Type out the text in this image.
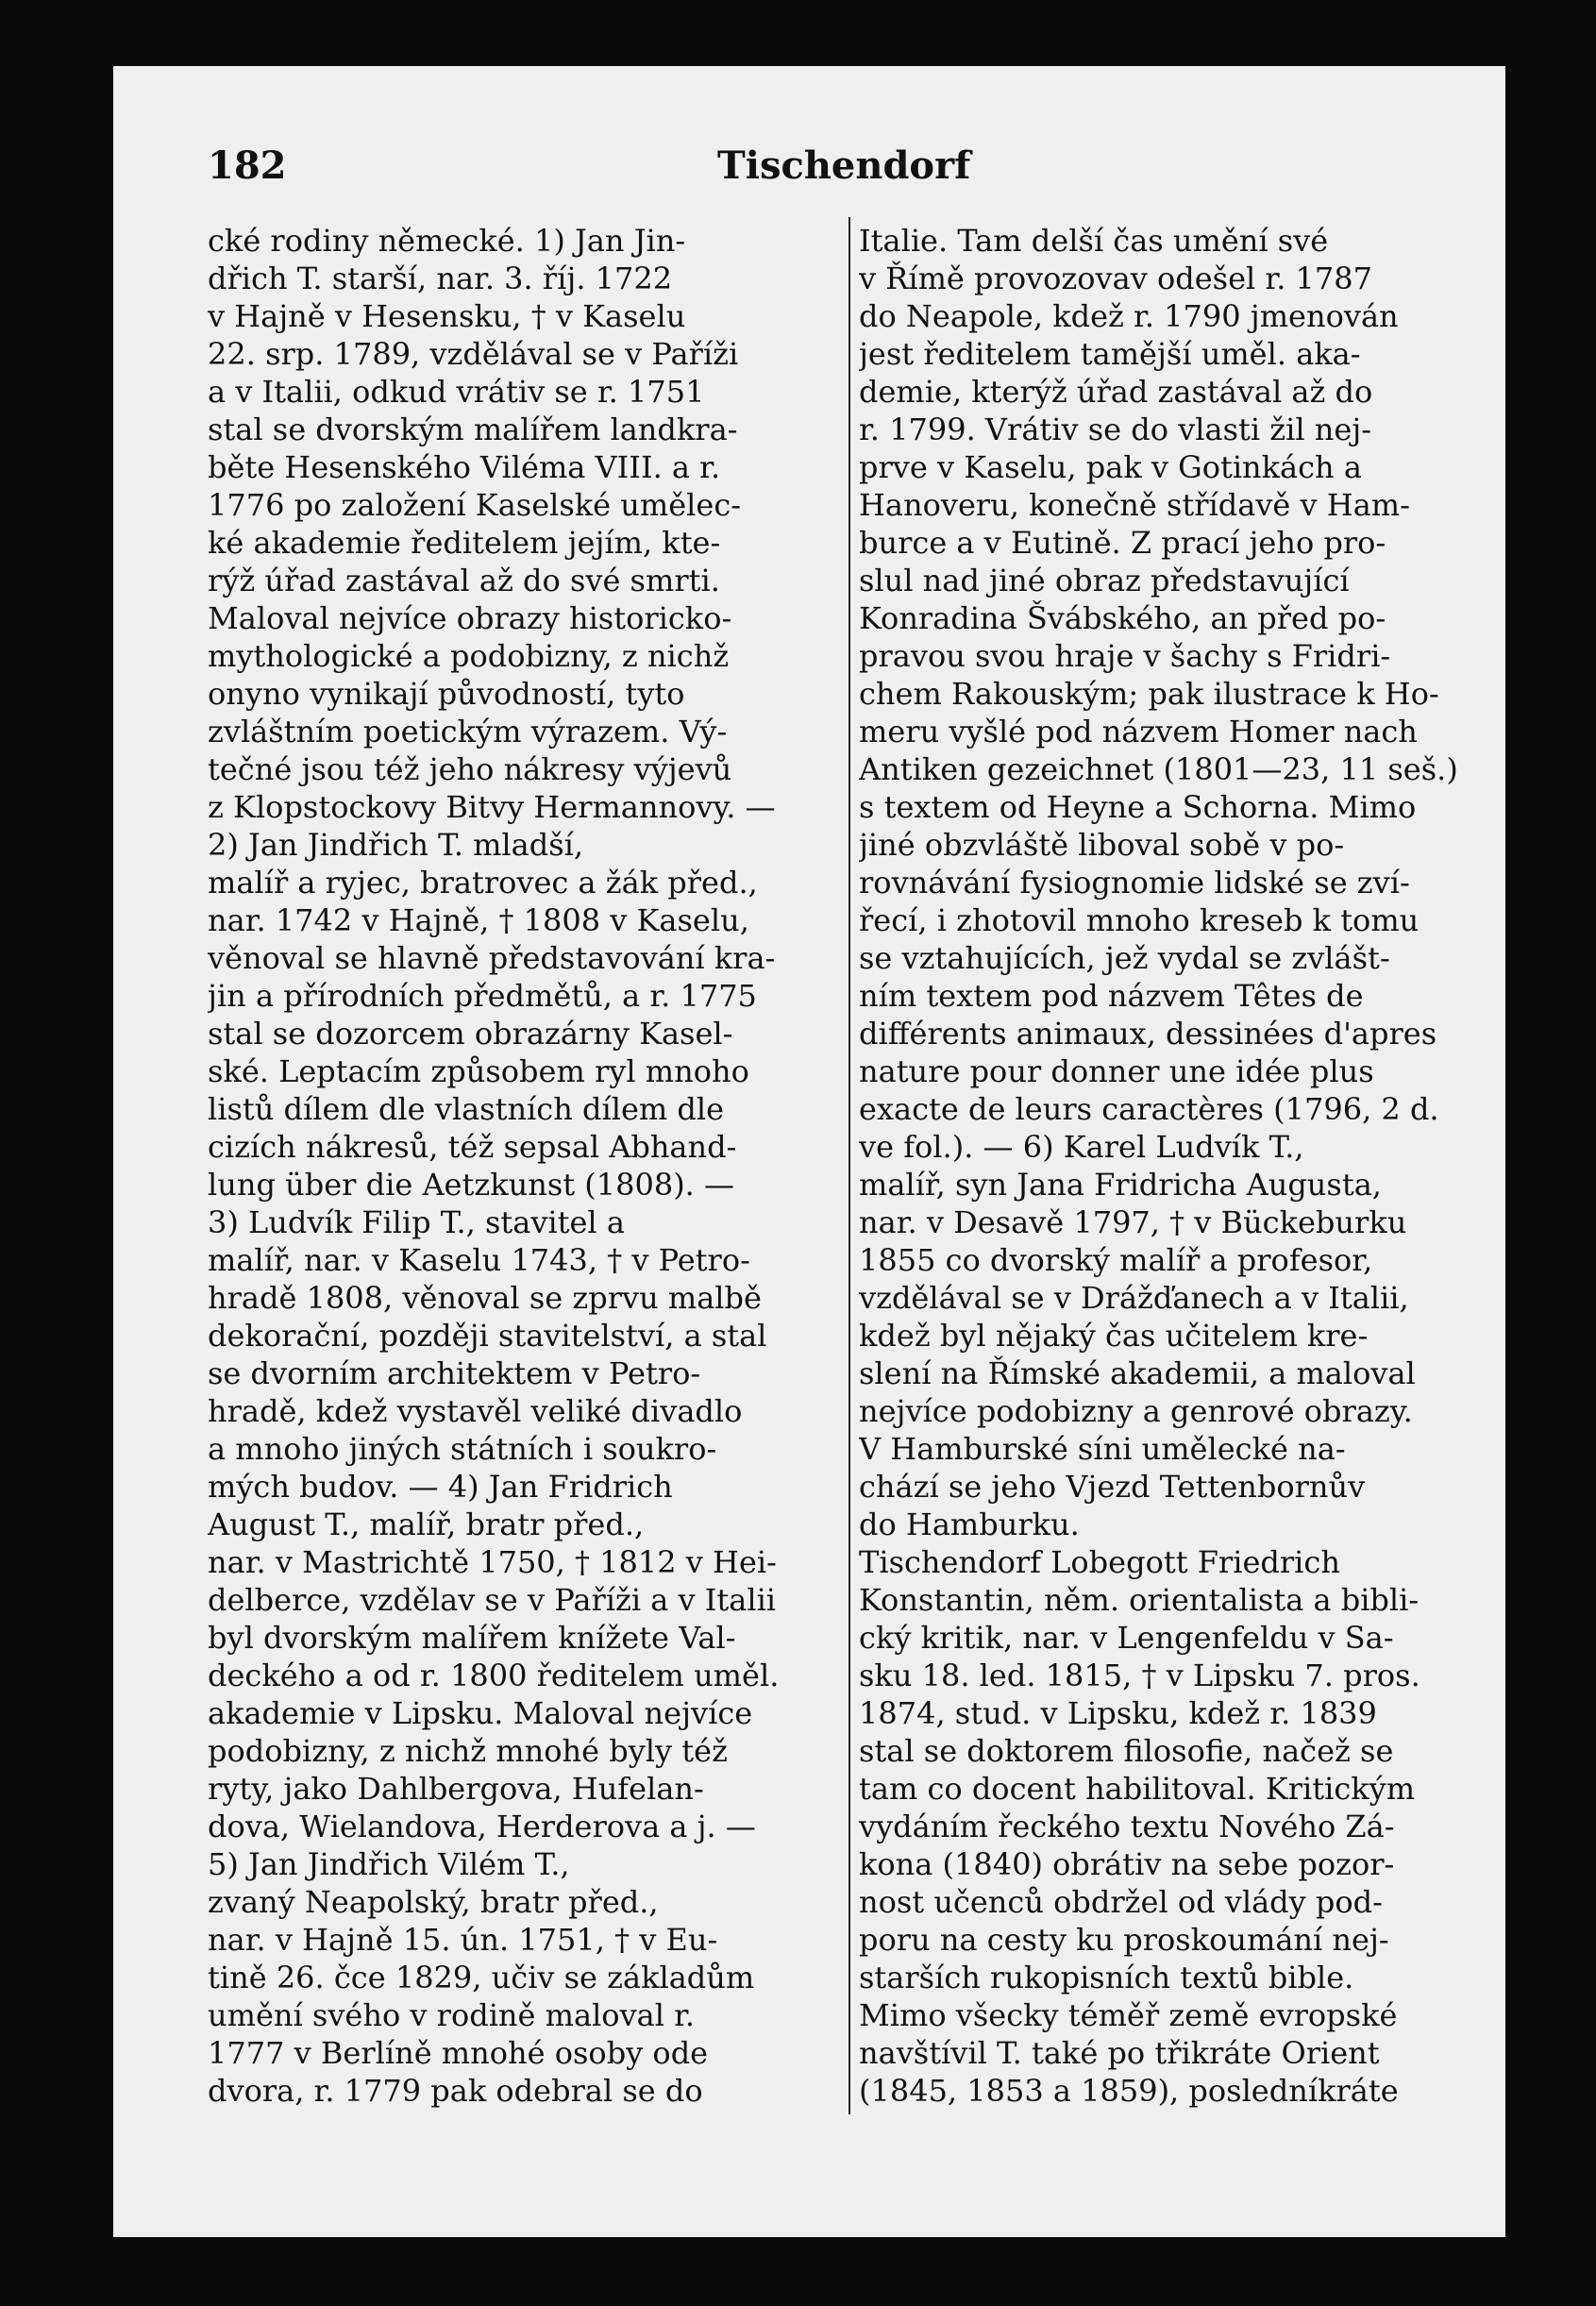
182	Tischendorf
cké rodiny německé. 1) Jan Jin-
dřich T. starší, nar. 3. říj. 1722
v Hajně v Hesensku, † v Kaselu
22. srp. 1789, vzdělával se v Paříži
a v Italii, odkud vrátiv se r. 1751
stal se dvorským malířem landkra-
běte Hesenského Viléma VIII. a r.
1776 po založení Kaselské umělec-
ké akademie ředitelem jejím, kte-
rýž úřad zastával až do své smrti.
Maloval nejvíce obrazy historicko-
mythologické a podobizny, z nichž
onyno vynikají původností, tyto
zvláštním poetickým výrazem. Vý-
tečné jsou též jeho nákresy výjevů
z Klopstockovy Bitvy Hermannovy. —
2) Jan Jindřich T. mladší,
malíř a ryjec, bratrovec a žák před.,
nar. 1742 v Hajně, † 1808 v Kaselu,
věnoval se hlavně představování kra-
jin a přírodních předmětů, a r. 1775
stal se dozorcem obrazárny Kasel-
ské. Leptacím způsobem ryl mnoho
listů dílem dle vlastních dílem dle
cizích nákresů, též sepsal Abhand-
lung über die Aetzkunst (1808). —
3) Ludvík Filip T., stavitel a
malíř, nar. v Kaselu 1743, † v Petro-
hradě 1808, věnoval se zprvu malbě
dekorační, později stavitelství, a stal
se dvorním architektem v Petro-
hradě, kdež vystavěl veliké divadlo
a mnoho jiných státních i soukro-
mých budov. — 4) Jan Fridrich
August T., malíř, bratr před.,
nar. v Mastrichtě 1750, † 1812 v Hei-
delberce, vzdělav se v Paříži a v Italii
byl dvorským malířem knížete Val-
deckého a od r. 1800 ředitelem uměl.
akademie v Lipsku. Maloval nejvíce
podobizny, z nichž mnohé byly též
ryty, jako Dahlbergova, Hufelan-
dova, Wielandova, Herderova a j. —
5) Jan Jindřich Vilém T.,
zvaný Neapolský, bratr před.,
nar. v Hajně 15. ún. 1751, † v Eu-
tině 26. čce 1829, učiv se základům
umění svého v rodině maloval r.
1777 v Berlíně mnohé osoby ode
dvora, r. 1779 pak odebral se do
Italie. Tam delší čas umění své
v Římě provozovav odešel r. 1787
do Neapole, kdež r. 1790 jmenován
jest ředitelem tamější uměl. aka-
demie, kterýž úřad zastával až do
r. 1799. Vrátiv se do vlasti žil nej-
prve v Kaselu, pak v Gotinkách a
Hanoveru, konečně střídavě v Ham-
burce a v Eutině. Z prací jeho pro-
slul nad jiné obraz představující
Konradina Švábského, an před po-
pravou svou hraje v šachy s Fridri-
chem Rakouským; pak ilustrace k Ho-
meru vyšlé pod názvem Homer nach
Antiken gezeichnet (1801—23, 11 seš.)
s textem od Heyne a Schorna. Mimo
jiné obzvláště liboval sobě v po-
rovnávání fysiognomie lidské se zví-
řecí, i zhotovil mnoho kreseb k tomu
se vztahujících, jež vydal se zvlášt-
ním textem pod názvem Têtes de
différents animaux, dessinées d'apres
nature pour donner une idée plus
exacte de leurs caractères (1796, 2 d.
ve fol.). — 6) Karel Ludvík T.,
malíř, syn Jana Fridricha Augusta,
nar. v Desavě 1797, † v Bückeburku
1855 co dvorský malíř a profesor,
vzdělával se v Drážďanech a v Italii,
kdež byl nějaký čas učitelem kre-
slení na Římské akademii, a maloval
nejvíce podobizny a genrové obrazy.
V Hamburské síni umělecké na-
chází se jeho Vjezd Tettenbornův
do Hamburku.
Tischendorf Lobegott Friedrich
Konstantin, něm. orientalista a bibli-
cký kritik, nar. v Lengenfeldu v Sa-
sku 18. led. 1815, † v Lipsku 7. pros.
1874, stud. v Lipsku, kdež r. 1839
stal se doktorem filosofie, načež se
tam co docent habilitoval. Kritickým
vydáním řeckého textu Nového Zá-
kona (1840) obrátiv na sebe pozor-
nost učenců obdržel od vlády pod-
poru na cesty ku proskoumání nej-
starších rukopisních textů bible.
Mimo všecky téměř země evropské
navštívil T. také po třikráte Orient
(1845, 1853 a 1859), posledníkráte
